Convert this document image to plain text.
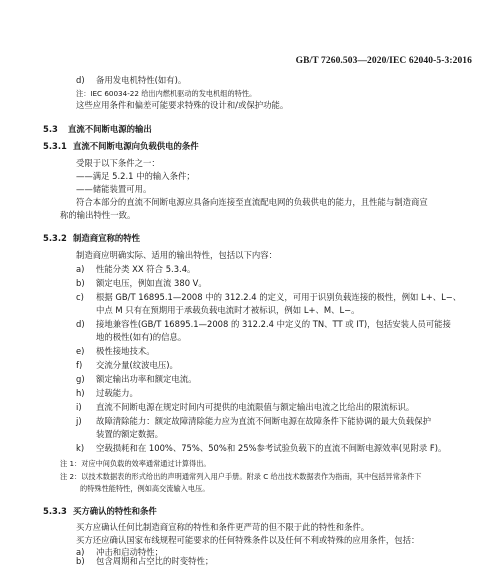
GB/T 7260.503—2020/IEC 62040-5-3:2016
d) 备用发电机特性(如有)。
注：IEC 60034-22 给出内燃机驱动的发电机组的特性。
这些应用条件和偏差可能要求特殊的设计和/或保护功能。
5.3 直流不间断电源的输出
5.3.1 直流不间断电源向负载供电的条件
受限于以下条件之一：
——满足 5.2.1 中的输入条件；
——储能装置可用。
符合本部分的直流不间断电源应具备向连接至直流配电网的负载供电的能力，且性能与制造商宣
称的输出特性一致。
5.3.2 制造商宣称的特性
制造商应明确实际、适用的输出特性，包括以下内容：
a) 性能分类 XX 符合 5.3.4。
b) 额定电压，例如直流 380 V。
c) 根据 GB/T 16895.1—2008 中的 312.2.4 的定义，可用于识别负载连接的极性，例如 L+、L−、
中点 M 只有在预期用于承载负载电流时才被标识，例如 L+、M、L−。
d) 接地兼容性(GB/T 16895.1—2008 的 312.2.4 中定义的 TN、TT 或 IT)，包括安装人员可能接
地的极性(如有)的信息。
e) 极性接地技术。
f) 交流分量(纹波电压)。
g) 额定输出功率和额定电流。
h) 过载能力。
i) 直流不间断电源在规定时间内可提供的电流限值与额定输出电流之比给出的限流标识。
j) 故障清除能力：额定故障清除能力应为直流不间断电源在故障条件下能协调的最大负载保护
装置的额定数据。
k) 空载损耗和在 100%、75%、50%和 25%参考试验负载下的直流不间断电源效率(见附录 F)。
注 1：对应中间负载的效率通常通过计算得出。
注 2：以技术数据表的形式给出的声明通常列入用户手册。附录 C 给出技术数据表作为指南，其中包括异常条件下
的特殊性能特性，例如高交流输入电压。
5.3.3 买方确认的特性和条件
买方应确认任何比制造商宣称的特性和条件更严苛的但不限于此的特性和条件。
买方还应确认国家布线规程可能要求的任何特殊条件以及任何不利或特殊的应用条件，包括：
a) 冲击和启动特性；
b) 包含周期和占空比的时变特性；
